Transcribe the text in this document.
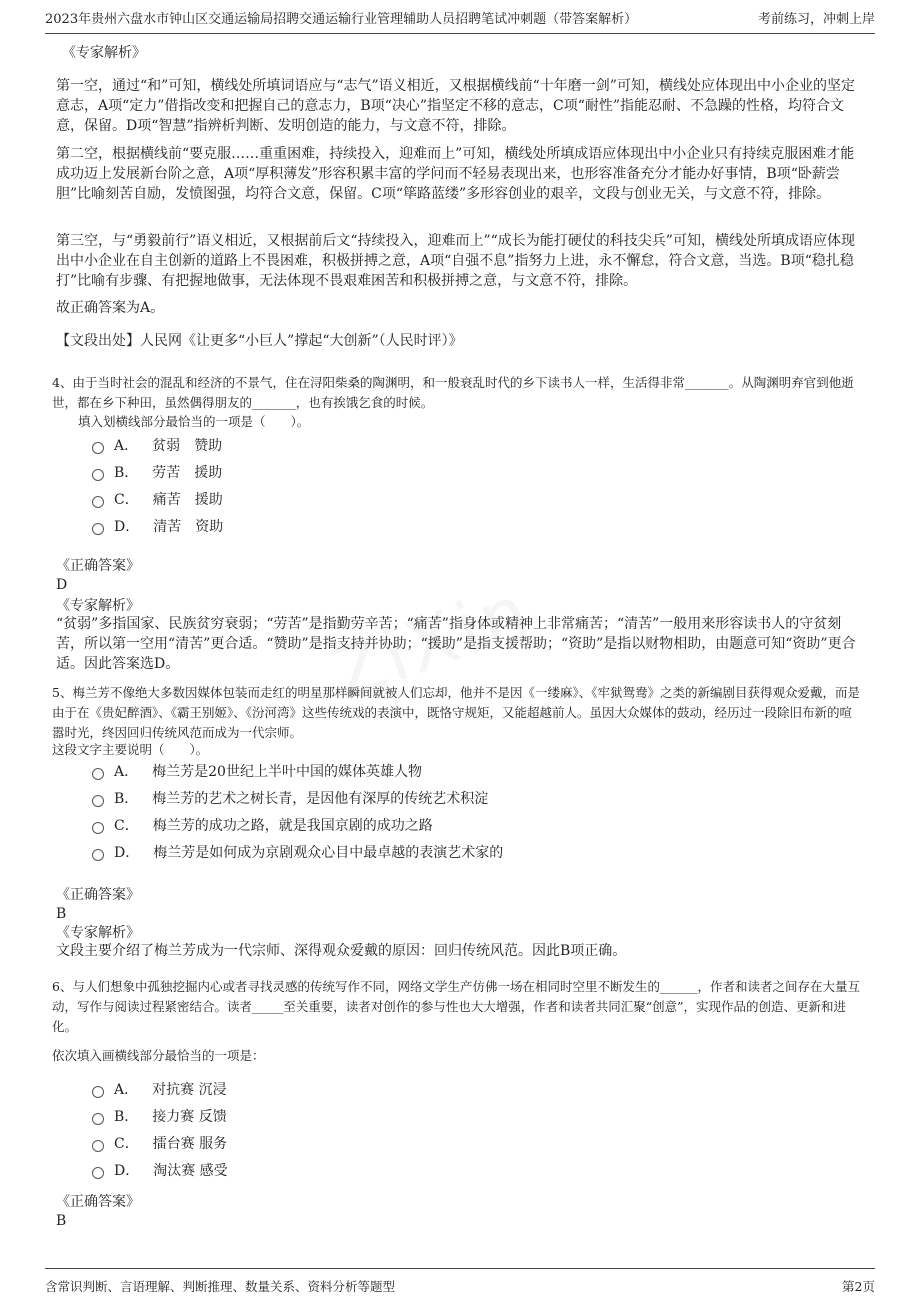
2023年贵州六盘水市钟山区交通运输局招聘交通运输行业管理辅助人员招聘笔试冲刺题（带答案解析）	考前练习，冲刺上岸
《专家解析》
第一空，通过“和”可知，横线处所填词语应与“志气”语义相近，又根据横线前“十年磨一剑”可知，横线处应体现出中小企业的坚定意志，A项“定力”借指改变和把握自己的意志力，B项“决心”指坚定不移的意志，C项“耐性”指能忍耐、不急躁的性格，均符合文意，保留。D项“智慧”指辨析判断、发明创造的能力，与文意不符，排除。
第二空，根据横线前“要克服……重重困难，持续投入，迎难而上”可知，横线处所填成语应体现出中小企业只有持续克服困难才能成功迈上发展新台阶之意，A项“厚积薄发”形容积累丰富的学问而不轻易表现出来，也形容准备充分才能办好事情，B项“卧薪尝胆”比喻刻苦自励，发愤图强，均符合文意，保留。C项“筚路蓝缕”多形容创业的艰辛，文段与创业无关，与文意不符，排除。
第三空，与“勇毅前行”语义相近，又根据前后文“持续投入，迎难而上”“成长为能打硬仗的科技尖兵”可知，横线处所填成语应体现出中小企业在自主创新的道路上不畏困难，积极拼搏之意，A项“自强不息”指努力上进，永不懈怠，符合文意，当选。B项“稳扎稳打”比喻有步骤、有把握地做事，无法体现不畏艰难困苦和积极拼搏之意，与文意不符，排除。
故正确答案为A。
【文段出处】人民网《让更多“小巨人”撑起“大创新”（人民时评）》
4、由于当时社会的混乱和经济的不景气，住在浔阳柴桑的陶渊明，和一般衰乱时代的乡下读书人一样，生活得非常_______。从陶渊明弃官到他逝世，都在乡下种田，虽然偶得朋友的_______，也有挨饿乞食的时候。
填入划横线部分最恰当的一项是（　　）。
A． 贫弱　赞助
B． 劳苦　援助
C． 痛苦　援助
D． 清苦　资助
《正确答案》
D
《专家解析》
“贫弱”多指国家、民族贫穷衰弱；“劳苦”是指勤劳辛苦；“痛苦”指身体或精神上非常痛苦；“清苦”一般用来形容读书人的守贫刻苦，所以第一空用“清苦”更合适。“赞助”是指支持并协助；“援助”是指支援帮助；“资助”是指以财物相助，由题意可知“资助”更合适。因此答案选D。
5、梅兰芳不像绝大多数因媒体包装而走红的明星那样瞬间就被人们忘却，他并不是因《一缕麻》、《牢狱鸳鸯》之类的新编剧目获得观众爱戴，而是由于在《贵妃醉酒》、《霸王别姬》、《汾河湾》这些传统戏的表演中，既恪守规矩，又能超越前人。虽因大众媒体的鼓动，经历过一段除旧布新的喧嚣时光，终因回归传统风范而成为一代宗师。
这段文字主要说明（　　）。
A． 梅兰芳是20世纪上半叶中国的媒体英雄人物
B． 梅兰芳的艺术之树长青，是因他有深厚的传统艺术积淀
C． 梅兰芳的成功之路，就是我国京剧的成功之路
D． 梅兰芳是如何成为京剧观众心目中最卓越的表演艺术家的
《正确答案》
B
《专家解析》
文段主要介绍了梅兰芳成为一代宗师、深得观众爱戴的原因：回归传统风范。因此B项正确。
6、与人们想象中孤独挖掘内心或者寻找灵感的传统写作不同，网络文学生产仿佛一场在相同时空里不断发生的______，作者和读者之间存在大量互动，写作与阅读过程紧密结合。读者_____至关重要，读者对创作的参与性也大大增强，作者和读者共同汇聚“创意”，实现作品的创造、更新和进化。
依次填入画横线部分最恰当的一项是：
A． 对抗赛 沉浸
B． 接力赛 反馈
C． 擂台赛 服务
D． 淘汰赛 感受
《正确答案》
B
含常识判断、言语理解、判断推理、数量关系、资料分析等题型	第2页
